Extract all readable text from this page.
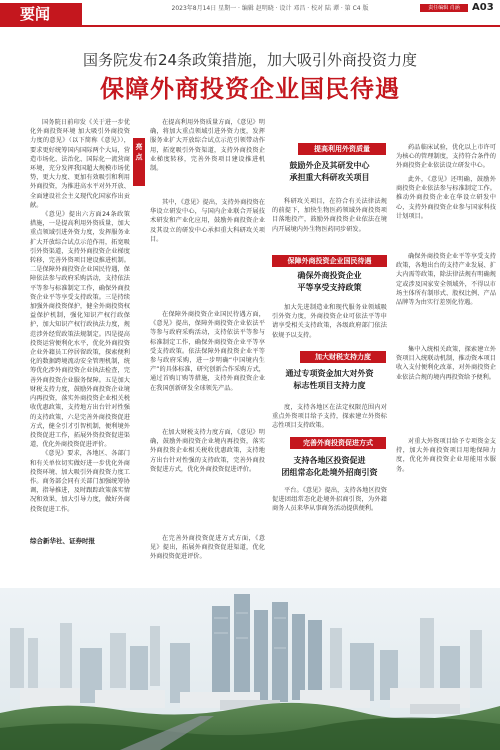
要闻	2023年8月14日 星期一 · 编辑 赵明晓 · 设计 邓昌 · 校对 陆 谭 · 第 C4 版	责任编辑 肖涵	A03
国务院发布24条政策措施，加大吸引外商投资力度
保障外商投资企业国民待遇

国务院日前印发《关于进一步优化外商投资环境 加大吸引外商投资力度的意见》（以下简称《意见》），要求更好统筹国内国际两个大局，营造市场化、法治化、国际化一流营商环境，充分发挥我国超大规模市场优势，更大力度、更加有效吸引和利用外商投资，为推进高水平对外开放、全面建设社会主义现代化国家作出贡献。

《意见》提出六方面24条政策措施，一是提高利用外资质量，加大重点领域引进外资力度，发挥服务业扩大开放综合试点示范作用，拓宽吸引外资渠道，支持外商投资企业梯度转移，完善外资项目建设推进机制。二是保障外商投资企业国民待遇，保障依法参与政府采购活动，支持依法平等参与标准制定工作，确保外商投资企业平等享受支持政策。三是持续加强外商投资保护，健全外商投资权益保护机制，强化知识产权行政保护，加大知识产权行政执法力度，规范涉外经贸政策法规制定。四是提高投资运营便利化水平，优化外商投资企业外籍员工停居留政策，探索便利化的数据跨境流动安全管理机制，统筹优化涉外商投资企业执法检查，完善外商投资企业服务保障。五是加大财税支持力度，鼓励外商投资企业境内再投资，落实外商投资企业相关税收优惠政策，支持地方出台针对性强的支持政策，六是完善外商投资促进方式，健全引才引智机制，便利境外投资促进工作，拓展外资投资促进渠道，优化外商投资促进评价。

《意见》要求，各地区、各部门和有关单位切实做好进一步优化外商投资环境、加大吸引外商投资力度工作。商务部会同有关部门加强统筹协调，指导推进，及时跟踪政策落实情况和效果，加大引导力度，做好外商投资促进工作。

综合新华社、证券时报
亮点

在提高利用外资质量方面，《意见》明确，将加大重点领域引进外资力度，发挥服务业扩大开放综合试点示范引领带动作用，拓宽吸引外资渠道，支持外商投资企业梯度转移，完善外资项目建设推进机制。

其中，《意见》提出，支持外商投资在华设立研发中心，与国内企业联合开展技术研发和产业化应用，鼓励外商投资企业及其设立的研发中心承担重大科研攻关项目。

在保障外商投资企业国民待遇方面，《意见》提出，保障外商投资企业依法平等参与政府采购活动，支持依法平等参与标准制定工作，确保外商投资企业平等享受支持政策。依法保障外商投资企业平等参与政府采购，进一步明确“中国境内生产”的具体标准，研究创新合作采购方式，通过首购订购等措施，支持外商投资企业在我国创新研发全球领先产品。

在加大财税支持力度方面，《意见》明确，鼓励外商投资企业境内再投资，落实外商投资企业相关税收优惠政策，支持地方出台针对性强的支持政策，完善外商投资促进方式，优化外商投资促进评价。

在完善外商投资促进方式方面，《意见》提出，拓展外商投资促进渠道，优化外商投资促进评价。

提高利用外资质量
鼓励外企及其研发中心
承担重大科研攻关项目

科研攻关项目，在符合有关法律法规的前提下，加快生物医药领域外商投资项目落地投产，鼓励外商投资企业依法在境内开展境内外生物医药同步研发。

保障外商投资企业国民待遇
确保外商投资企业
平等享受支持政策

加大先进制造业和现代服务业领域吸引外资力度，外商投资企业可依法平等申请享受相关支持政策，各级政府部门依法依规予以支持。

加大财税支持力度
通过专项资金加大对外资
标志性项目支持力度

度，支持各地区在法定权限范围内对重点外资项目给予支持，探索建立外资标志性项目支持政策。

完善外商投资促进方式
支持各地区投资促进
团组常态化赴境外招商引资

平台。《意见》提出，支持各地区投资促进团组常态化赴境外招商引资，为外籍商务人员来华从事商务活动提供便利。

药品临床试验，优化以上市许可为核心的管理制度，支持符合条件的外商投资企业依法设立研发中心。

此外，《意见》还明确，鼓励外商投资企业依法参与标准制定工作。推动外商投资企业在华设立研发中心，支持外商投资企业参与国家科技计划项目。

确保外商投资企业平等享受支持政策，各地出台的支持产业发展、扩大内需等政策，除法律法规有明确规定或涉及国家安全领域外，不得以市场主体所有制形式、股权比例、产品品牌等为由实行差别化待遇。

集中入统相关政策，探索建立外资项目入统联动机制，推动资本项目收入支付便利化改革，对外商投资企业依法合规的境内再投资给予便利。

对重大外资项目给予专项资金支持，加大外商投资项目用地保障力度，优化外商投资企业用能用水服务。
